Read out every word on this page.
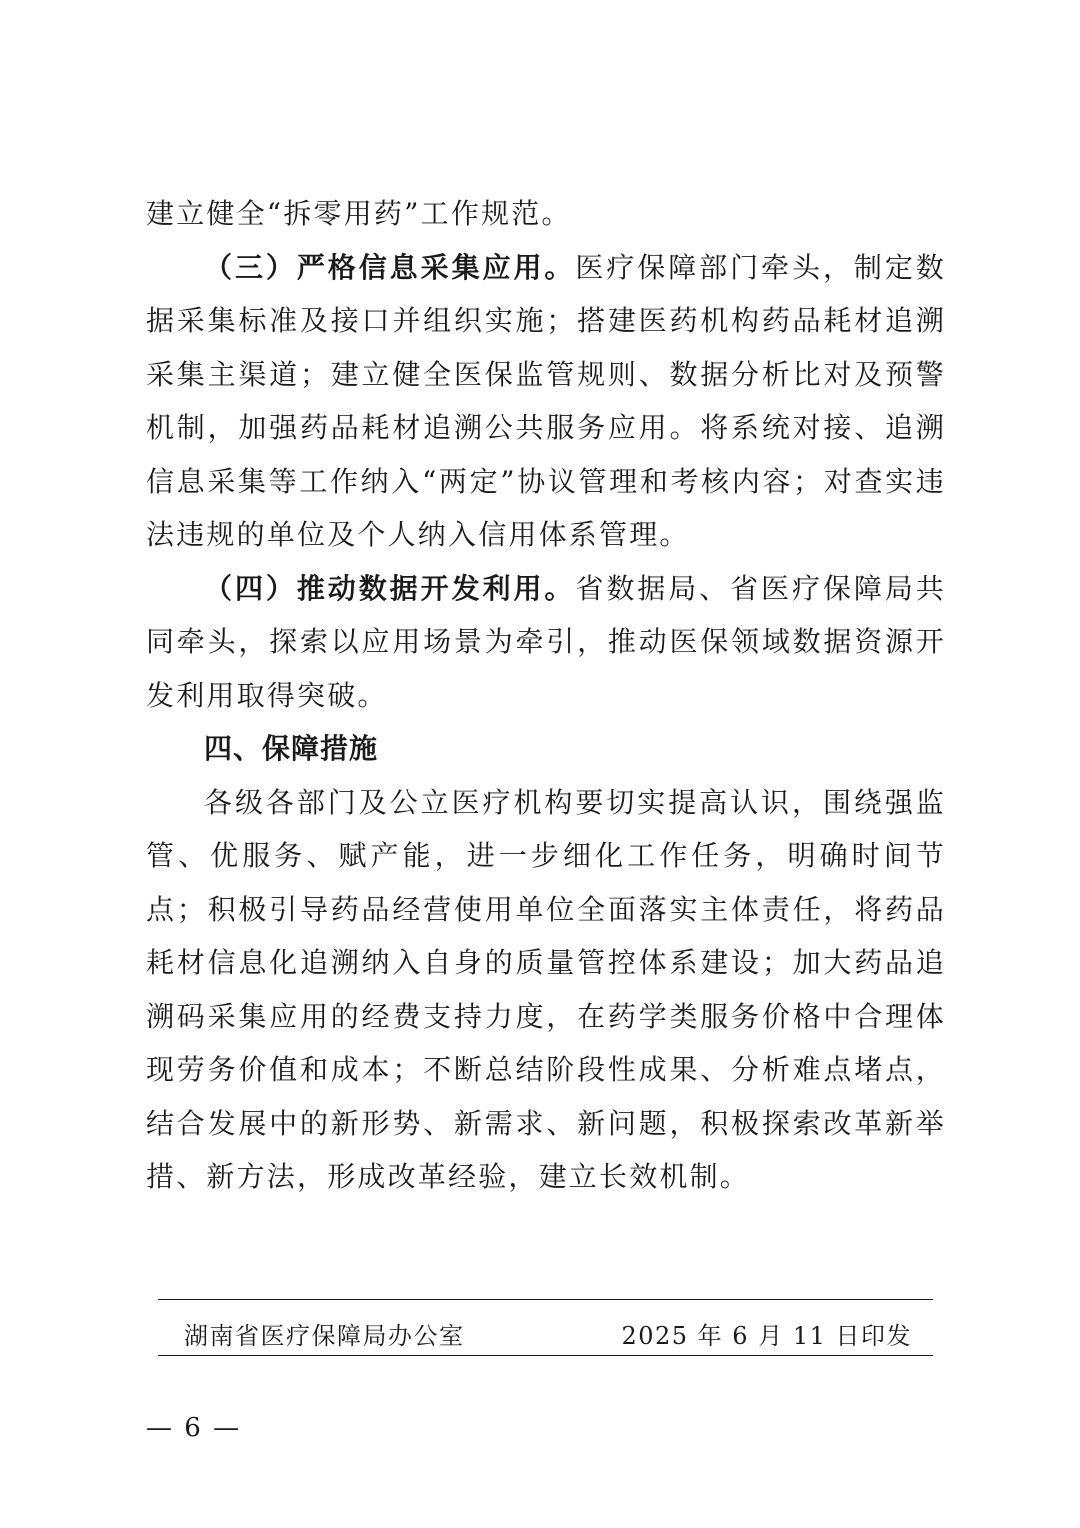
建立健全“拆零用药”工作规范。

（三）严格信息采集应用。医疗保障部门牵头，制定数据采集标准及接口并组织实施；搭建医药机构药品耗材追溯采集主渠道；建立健全医保监管规则、数据分析比对及预警机制，加强药品耗材追溯公共服务应用。将系统对接、追溯信息采集等工作纳入“两定”协议管理和考核内容；对查实违法违规的单位及个人纳入信用体系管理。

（四）推动数据开发利用。省数据局、省医疗保障局共同牵头，探索以应用场景为牵引，推动医保领域数据资源开发利用取得突破。

四、保障措施

各级各部门及公立医疗机构要切实提高认识，围绕强监管、优服务、赋产能，进一步细化工作任务，明确时间节点；积极引导药品经营使用单位全面落实主体责任，将药品耗材信息化追溯纳入自身的质量管控体系建设；加大药品追溯码采集应用的经费支持力度，在药学类服务价格中合理体现劳务价值和成本；不断总结阶段性成果、分析难点堵点，结合发展中的新形势、新需求、新问题，积极探索改革新举措、新方法，形成改革经验，建立长效机制。

湖南省医疗保障局办公室	2025 年 6 月 11 日印发
— 6 —
